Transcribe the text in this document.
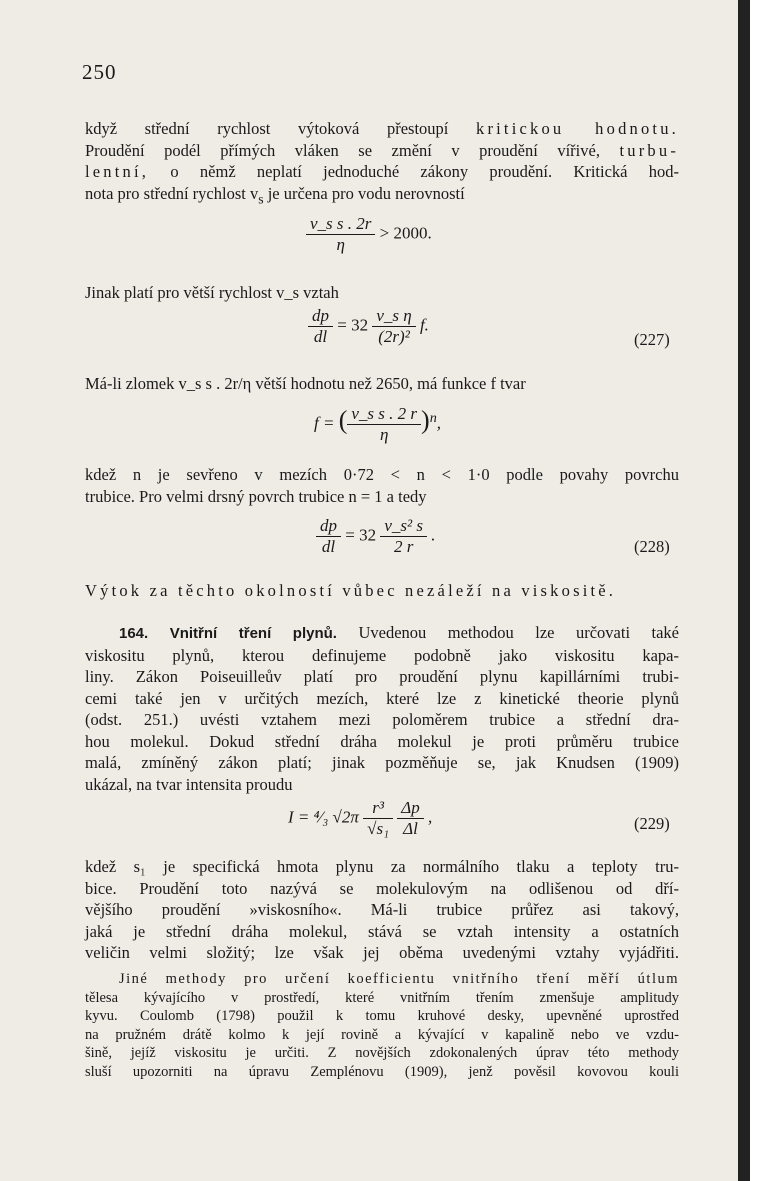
250
když střední rychlost výtoková přestoupí kritickou hodnotu.
Proudění podél přímých vláken se změní v proudění vířivé, turbu-
lentní, o němž neplatí jednoduché zákony proudění. Kritická hod-
nota pro střední rychlost $v_s$ je určena pro vodu nerovností
$\frac{\text{v\_s s . 2r}}{\eta} > 2000$.
Jinak platí pro větší rychlost v_s vztah
$\frac{dp}{dl} = 32 \frac{\text{v\_s η}}{\text{(2r)²}} f$.
(227)
Má-li zlomek v_s s . 2r/η větší hodnotu než 2650, má funkce f tvar
f = ( $\frac{\text{v\_s s . 2 r}}{\eta} )^n$,
kdež n je sevřeno v mezích 0·72 < n < 1·0 podle povahy povrchu
trubice. Pro velmi drsný povrch trubice n = 1 a tedy
$\frac{dp}{dl} = 32 \frac{\text{v\_s² s}}{2 r}$ .
(228)
Výtok za těchto okolností vůbec nezáleží na viskositě.
164. Vnitřní tření plynů. Uvedenou methodou lze určovati také
viskositu plynů, kterou definujeme podobně jako viskositu kapa-
liny. Zákon Poiseuilleův platí pro proudění plynu kapillárními trubi-
cemi také jen v určitých mezích, které lze z kinetické theorie plynů
(odst. 251.) uvésti vztahem mezi poloměrem trubice a střední dra-
hou molekul. Dokud střední dráha molekul je proti průměru trubice
malá, zmíněný zákon platí; jinak pozměňuje se, jak Knudsen (1909)
ukázal, na tvar intensita proudu
I = ⁴⁄₃ $√2\pi \frac{\text{r³}}{\text{√s₁}}$
$\frac{\Delta p}{\Delta l}$ ,	(229)
kdež s₁ je specifická hmota plynu za normálního tlaku a teploty tru-
bice. Proudění toto nazývá se molekulovým na odlišenou od dří-
vějšího proudění »viskosního«. Má-li trubice průřez asi takový,
jaká je střední dráha molekul, stává se vztah intensity a ostatních
veličin velmi složitý; lze však jej oběma uvedenými vztahy vyjádřiti.
Jiné methody pro určení koefficientu vnitřního tření měří útlum
tělesa kývajícího v prostředí, které vnitřním třením zmenšuje amplitudy
kyvu. Coulomb (1798) použil k tomu kruhové desky, upevněné uprostřed
na pružném drátě kolmo k její rovině a kývající v kapalině nebo ve vzdu-
šině, jejíž viskositu je určiti. Z novějších zdokonalených úprav této methody
sluší upozorniti na úpravu Zemplénovu (1909), jenž pověsil kovovou kouli
